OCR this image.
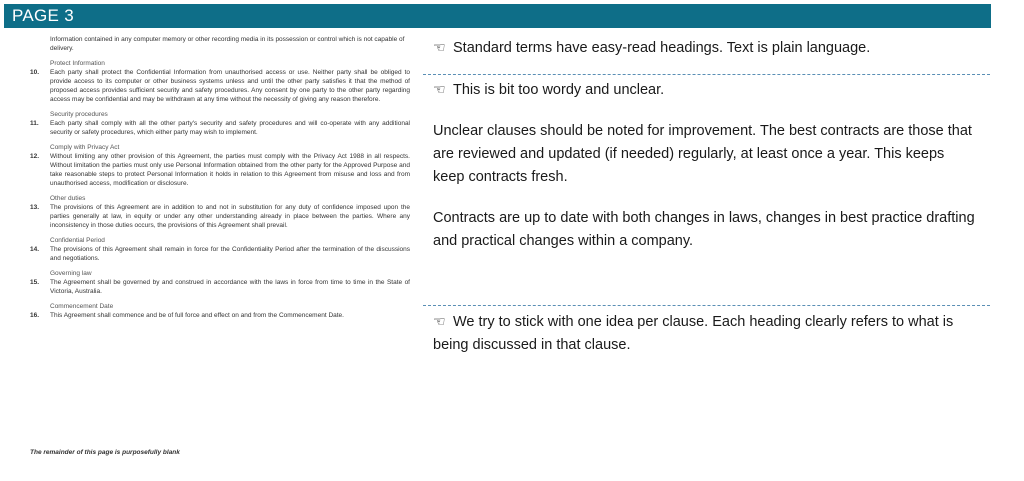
PAGE 3
Information contained in any computer memory or other recording media in its possession or control which is not capable of delivery.
Protect Information
10.	Each party shall protect the Confidential Information from unauthorised access or use. Neither party shall be obliged to provide access to its computer or other business systems unless and until the other party satisfies it that the method of proposed access provides sufficient security and safety procedures. Any consent by one party to the other party regarding access may be confidential and may be withdrawn at any time without the necessity of giving any reason therefore.
Security procedures
11.	Each party shall comply with all the other party's security and safety procedures and will co-operate with any additional security or safety procedures, which either party may wish to implement.
Comply with Privacy Act
12.	Without limiting any other provision of this Agreement, the parties must comply with the Privacy Act 1988 in all respects. Without limitation the parties must only use Personal Information obtained from the other party for the Approved Purpose and take reasonable steps to protect Personal Information it holds in relation to this Agreement from misuse and loss and from unauthorised access, modification or disclosure.
Other duties
13.	The provisions of this Agreement are in addition to and not in substitution for any duty of confidence imposed upon the parties generally at law, in equity or under any other understanding already in place between the parties. Where any inconsistency in those duties occurs, the provisions of this Agreement shall prevail.
Confidential Period
14.	The provisions of this Agreement shall remain in force for the Confidentiality Period after the termination of the discussions and negotiations.
Governing law
15.	The Agreement shall be governed by and construed in accordance with the laws in force from time to time in the State of Victoria, Australia.
Commencement Date
16.	This Agreement shall commence and be of full force and effect on and from the Commencement Date.
The remainder of this page is purposefully blank
☜ Standard terms have easy-read headings. Text is plain language.
☜ This is bit too wordy and unclear.
Unclear clauses should be noted for improvement. The best contracts are those that are reviewed and updated (if needed) regularly, at least once a year. This keeps keep contracts fresh.
Contracts are up to date with both changes in laws, changes in best practice drafting and practical changes within a company.
☜ We try to stick with one idea per clause. Each heading clearly refers to what is being discussed in that clause.
